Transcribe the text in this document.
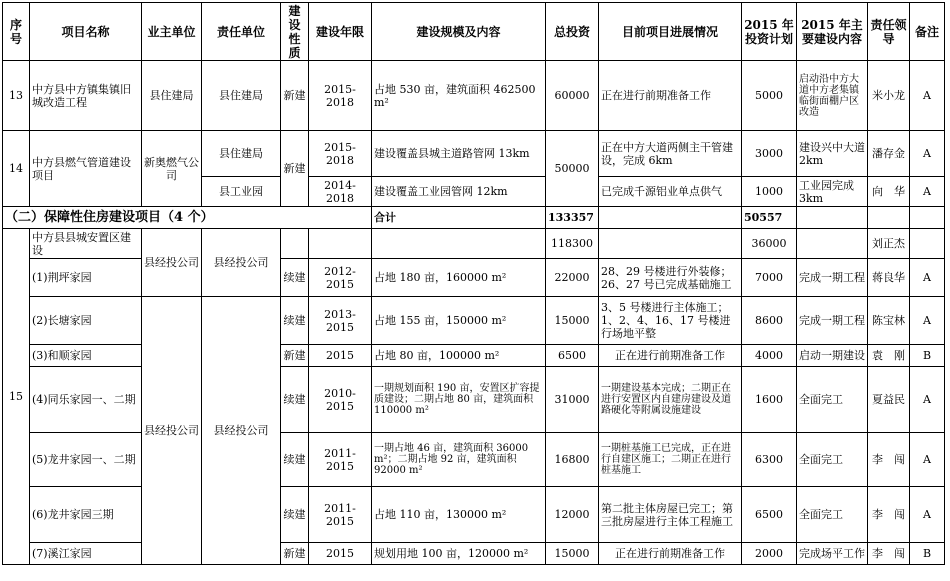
序号	项目名称	业主单位	责任单位	建设性质	建设年限	建设规模及内容	总投资	目前项目进展情况	2015 年投资计划	2015 年主要建设内容	责任领导	备注
13	中方县中方镇集镇旧城改造工程	县住建局	县住建局	新建	2015-2018	占地 530 亩，建筑面积 462500 m²	60000	正在进行前期准备工作	5000	启动沿中方大道中方老集镇临街面棚户区改造	米小龙	A
14	中方县燃气管道建设项目	新奥燃气公司	县住建局	新建	2015-2018	建设覆盖县城主道路管网 13km	50000	正在中方大道两侧主干管建设，完成 6km	3000	建设兴中大道 2km	潘存金	A
			县工业园		2014-2018	建设覆盖工业园管网 12km		已完成千源铝业单点供气	1000	工业园完成 3km	向　华	A
（二）保障性住房建设项目（4 个）						合计	133357		50557			
15	中方县县城安置区建设	县经投公司	县经投公司				118300		36000		刘正杰	
	(1)荆坪家园			续建	2012-2015	占地 180 亩，160000 m²	22000	28、29 号楼进行外装修；26、27 号已完成基础施工	7000	完成一期工程	蒋良华	A
	(2)长塘家园	县经投公司	县经投公司	续建	2013-2015	占地 155 亩，150000 m²	15000	3、5 号楼进行主体施工；1、2、4、16、17 号楼进行场地平整	8600	完成一期工程	陈宝林	A
	(3)和顺家园			新建	2015	占地 80 亩，100000 m²	6500	正在进行前期准备工作	4000	启动一期建设	袁　刚	B
	(4)同乐家园一、二期			续建	2010-2015	一期规划面积 190 亩，安置区扩容提质建设；二期占地 80 亩，建筑面积 110000 m²	31000	一期建设基本完成；二期正在进行安置区内自建房建设及道路硬化等附属设施建设	1600	全面完工	夏益民	A
	(5)龙井家园一、二期			续建	2011-2015	一期占地 46 亩，建筑面积 36000 m²；二期占地 92 亩，建筑面积 92000 m²	16800	一期桩基施工已完成，正在进行自建区施工；二期正在进行桩基施工	6300	全面完工	李　闯	A
	(6)龙井家园三期			续建	2011-2015	占地 110 亩，130000 m²	12000	第二批主体房屋已完工；第三批房屋进行主体工程施工	6500	全面完工	李　闯	A
	(7)溪江家园			新建	2015	规划用地 100 亩，120000 m²	15000	正在进行前期准备工作	2000	完成场平工作	李　闯	B
